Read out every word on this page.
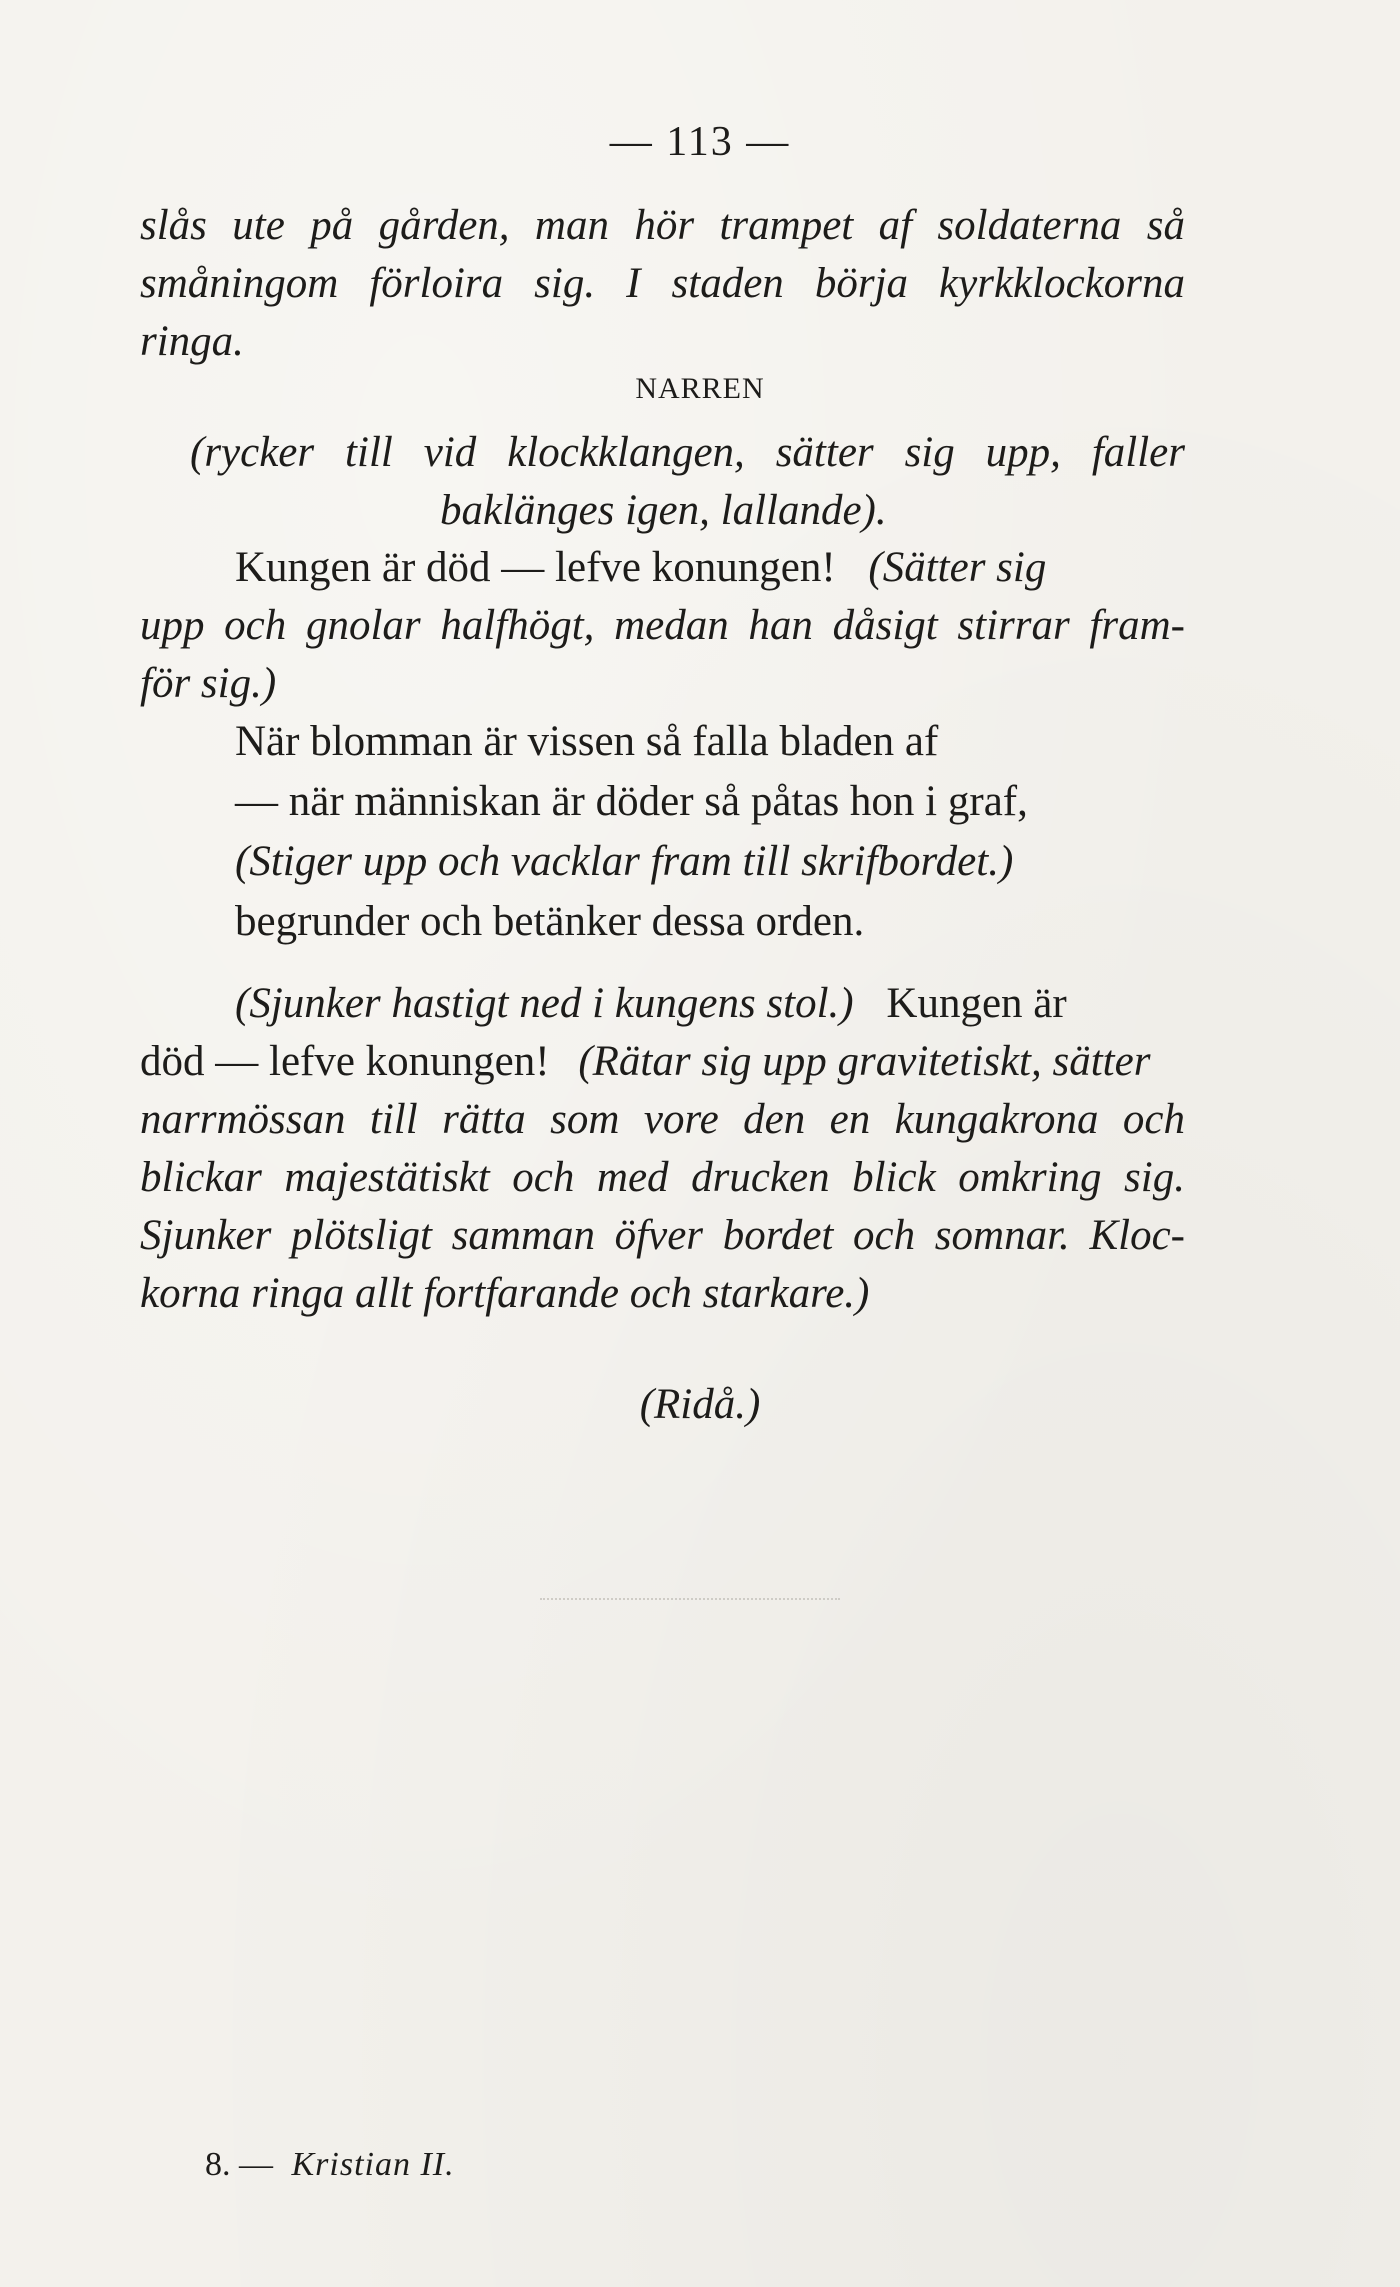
— 113 —
slås ute på gården, man hör trampet af soldaterna så
småningom förloira sig. I staden börja kyrkklockorna
ringa.
NARREN
(rycker till vid klockklangen, sätter sig upp, faller
baklänges igen, lallande).
Kungen är död — lefve konungen! (Sätter sig
upp och gnolar halfhögt, medan han dåsigt stirrar fram-
för sig.)
När blomman är vissen så falla bladen af
— när människan är döder så påtas hon i graf,
(Stiger upp och vacklar fram till skrifbordet.)
begrunder och betänker dessa orden.
(Sjunker hastigt ned i kungens stol.) Kungen är
död — lefve konungen! (Rätar sig upp gravitetiskt, sätter
narrmössan till rätta som vore den en kungakrona och
blickar majestätiskt och med drucken blick omkring sig.
Sjunker plötsligt samman öfver bordet och somnar. Kloc-
korna ringa allt fortfarande och starkare.)
(Ridå.)
8. — Kristian II.
